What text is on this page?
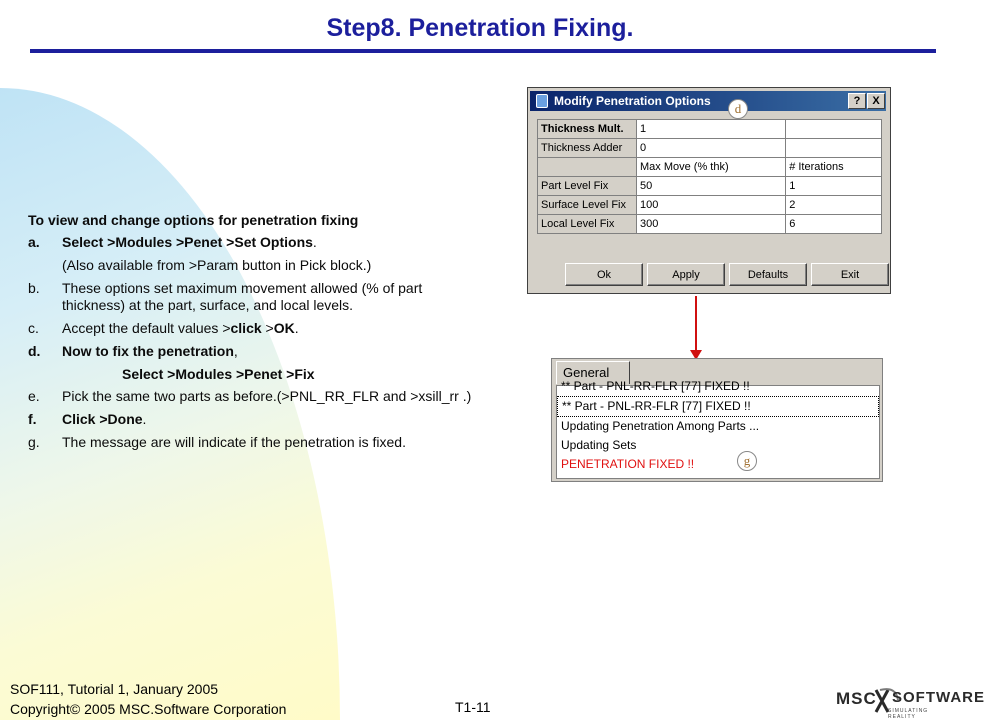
Step8. Penetration Fixing.
To view and change options for penetration fixing
a.	Select >Modules >Penet >Set Options.
(Also available from >Param button in Pick block.)
b.	These options set maximum movement allowed (% of part thickness) at the part, surface, and local levels.
c.	Accept the default values >click >OK.
d.	Now to fix the penetration,
Select >Modules >Penet >Fix
e.	Pick the same two parts as before.(>PNL_RR_FLR and >xsill_rr .)
f.	Click >Done.
g.	The message are will indicate if the penetration is fixed.
Modify Penetration Options	?	X
Thickness Mult.	1	
Thickness Adder	0	
	Max Move (% thk)	# Iterations
Part Level Fix	50	1
Surface Level Fix	100	2
Local Level Fix	300	6
Ok	Apply	Defaults	Exit
d
General
** Part - PNL-RR-FLR [77] FIXED !!
** Part - PNL-RR-FLR [77] FIXED !!
Updating Penetration Among Parts ...
Updating Sets
PENETRATION FIXED !!	g
SOF111, Tutorial 1, January 2005
Copyright© 2005 MSC.Software Corporation	T1-11	MSC SOFTWARE
SIMULATING REALITY
